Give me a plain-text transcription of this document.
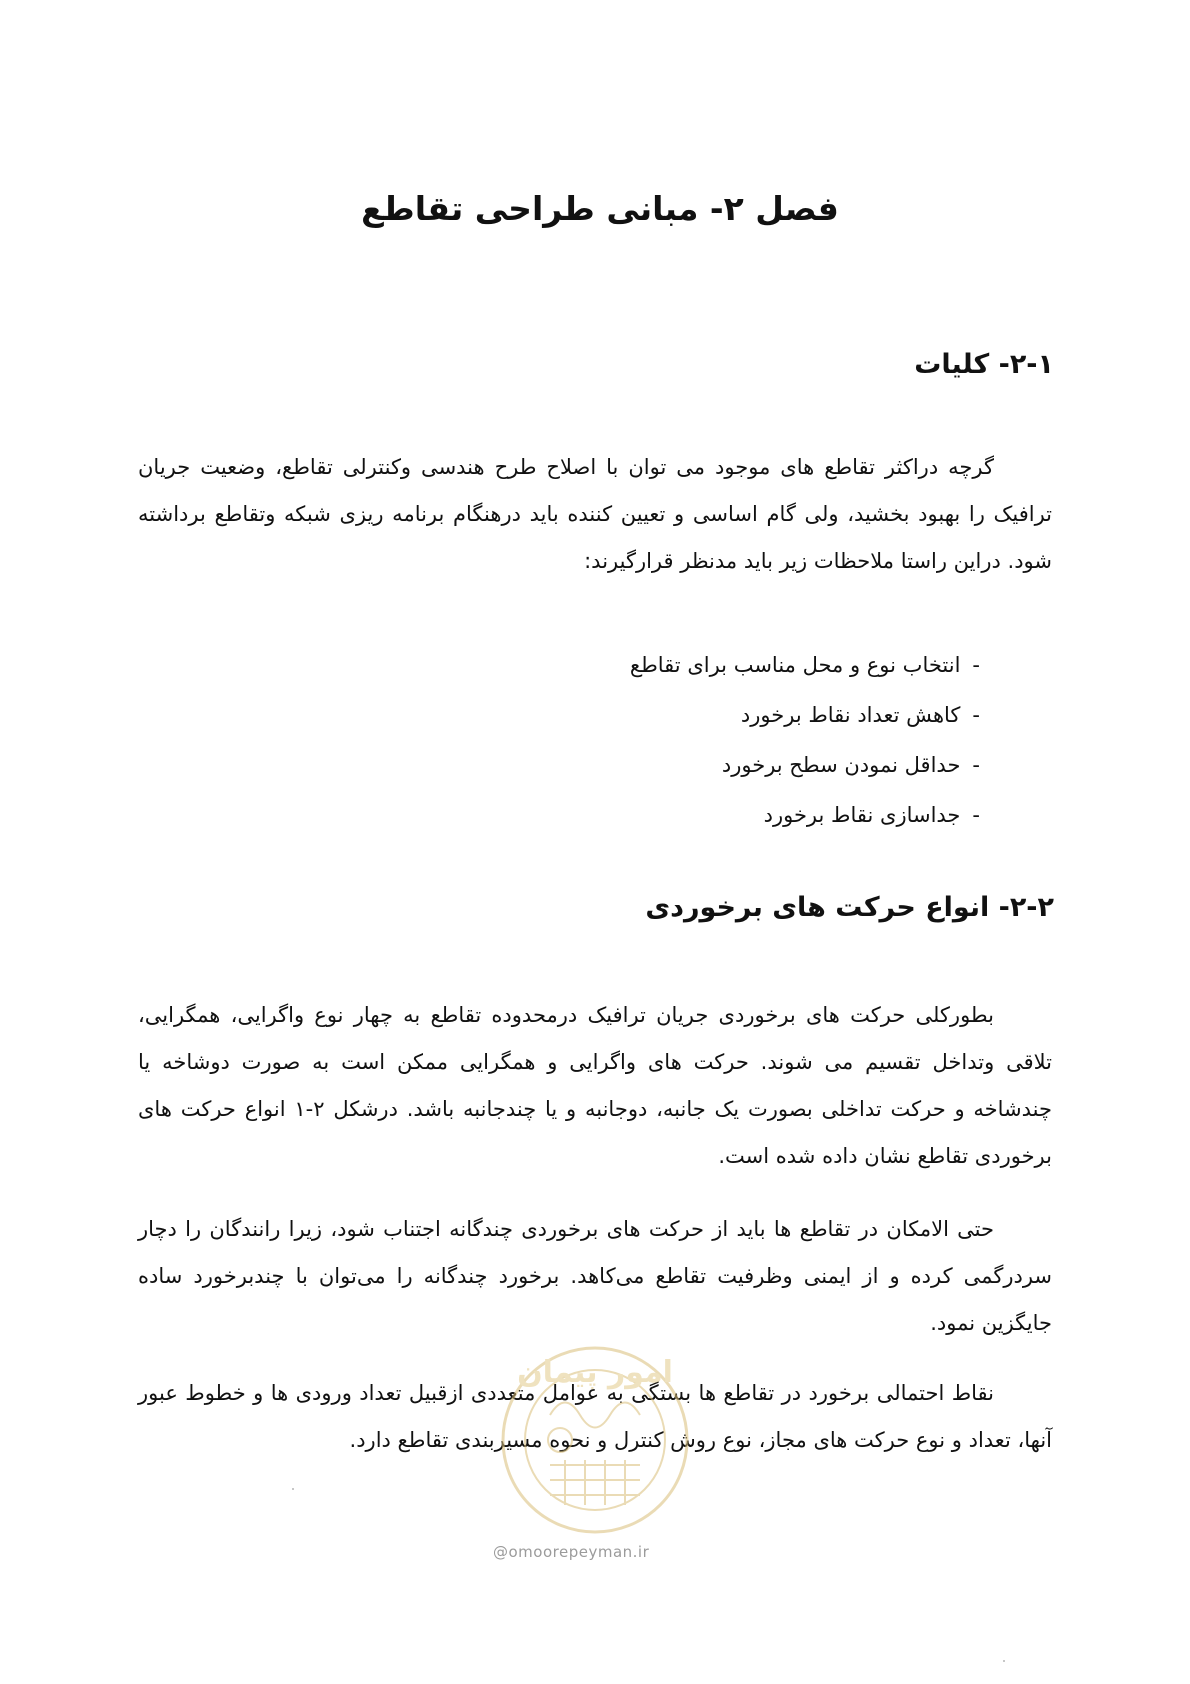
فصل ۲- مبانی طراحی تقاطع
۲-۱- کلیات

گرچه دراکثر تقاطع های موجود می توان با اصلاح طرح هندسی وکنترلی تقاطع، وضعیت جریان ترافیک را بهبود بخشید، ولی گام اساسی و تعیین کننده باید درهنگام برنامه ریزی شبکه وتقاطع برداشته شود. دراین راستا ملاحظات زیر باید مدنظر قرارگیرند:

-انتخاب نوع و محل مناسب برای تقاطع
-کاهش تعداد نقاط برخورد
-حداقل نمودن سطح برخورد
-جداسازی نقاط برخورد
۲-۲- انواع حرکت های برخوردی

بطورکلی حرکت های برخوردی جریان ترافیک درمحدوده تقاطع به چهار نوع واگرایی، همگرایی، تلاقی وتداخل تقسیم می شوند. حرکت های واگرایی و همگرایی ممکن است به صورت دوشاخه یا چندشاخه و حرکت تداخلی بصورت یک جانبه، دوجانبه و یا چندجانبه باشد. درشکل ۲-۱ انواع حرکت های برخوردی تقاطع نشان داده شده است.

حتی الامکان در تقاطع ها باید از حرکت های برخوردی چندگانه اجتناب شود، زیرا رانندگان را دچار سردرگمی کرده و از ایمنی وظرفیت تقاطع می‌کاهد. برخورد چندگانه را می‌توان با چندبرخورد ساده جایگزین نمود.

نقاط احتمالی برخورد در تقاطع ها بستگی به عوامل متعددی ازقبیل تعداد ورودی ها و خطوط عبور آنها، تعداد و نوع حرکت های مجاز، نوع روش کنترل و نحوه مسیربندی تقاطع دارد.

امور پیمان
@omoorepeyman.ir
